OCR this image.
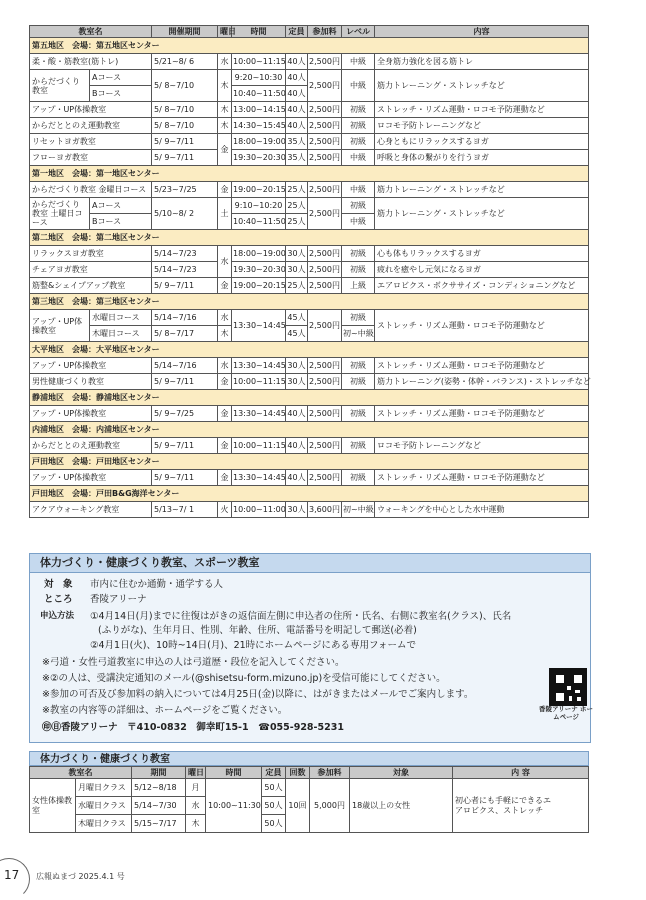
教室名		開催期間	曜日	時間	定員	参加料	レベル	内容
第五地区　会場：第五地区センター								
柔・酸・筋教室(筋トレ)		5/21~8/ 6	水	10:00~11:15	40人	2,500円	中級	全身筋力強化を図る筋トレ
からだづくり教室	Aコース	5/ 8~7/10	木	9:20~10:30	40人	2,500円	中級	筋力トレーニング・ストレッチなど
	Bコース			10:40~11:50	40人			
アップ・UP体操教室		5/ 8~7/10	木	13:00~14:15	40人	2,500円	初級	ストレッチ・リズム運動・ロコモ予防運動など
からだととのえ運動教室		5/ 8~7/10	木	14:30~15:45	40人	2,500円	初級	ロコモ予防トレーニングなど
リセットヨガ教室		5/ 9~7/11	金	18:00~19:00	35人	2,500円	初級	心身ともにリラックスするヨガ
フローヨガ教室		5/ 9~7/11		19:30~20:30	35人	2,500円	中級	呼吸と身体の繋がりを行うヨガ
第一地区　会場：第一地区センター								
からだづくり教室 金曜日コース		5/23~7/25	金	19:00~20:15	25人	2,500円	中級	筋力トレーニング・ストレッチなど
からだづくり教室 土曜日コース	Aコース	5/10~8/ 2	土	9:10~10:20	25人	2,500円	初級	筋力トレーニング・ストレッチなど
	Bコース			10:40~11:50	25人		中級	
第二地区　会場：第二地区センター								
リラックスヨガ教室		5/14~7/23	水	18:00~19:00	30人	2,500円	初級	心も体もリラックスするヨガ
チェアヨガ教室		5/14~7/23		19:30~20:30	30人	2,500円	初級	疲れを癒やし元気になるヨガ
筋整&シェイプアップ教室		5/ 9~7/11	金	19:00~20:15	25人	2,500円	上級	エアロビクス・ボクササイズ・コンディショニングなど
第三地区　会場：第三地区センター								
アップ・UP体操教室	水曜日コース	5/14~7/16	水	13:30~14:45	45人	2,500円	初級	ストレッチ・リズム運動・ロコモ予防運動など
	木曜日コース	5/ 8~7/17	木		45人		初~中級	
大平地区　会場：大平地区センター								
アップ・UP体操教室		5/14~7/16	水	13:30~14:45	30人	2,500円	初級	ストレッチ・リズム運動・ロコモ予防運動など
男性健康づくり教室		5/ 9~7/11	金	10:00~11:15	30人	2,500円	初級	筋力トレーニング(姿勢・体幹・バランス)・ストレッチなど
静浦地区　会場：静浦地区センター								
アップ・UP体操教室		5/ 9~7/25	金	13:30~14:45	40人	2,500円	初級	ストレッチ・リズム運動・ロコモ予防運動など
内浦地区　会場：内浦地区センター								
からだととのえ運動教室		5/ 9~7/11	金	10:00~11:15	40人	2,500円	初級	ロコモ予防トレーニングなど
戸田地区　会場：戸田地区センター								
アップ・UP体操教室		5/ 9~7/11	金	13:30~14:45	40人	2,500円	初級	ストレッチ・リズム運動・ロコモ予防運動など
戸田地区　会場：戸田B&G海洋センター								
アクアウォーキング教室		5/13~7/ 1	火	10:00~11:00	30人	3,600円	初~中級	ウォーキングを中心とした水中運動
体力づくり・健康づくり教室、スポーツ教室
対　象 市内に住むか通勤・通学する人
ところ 香陵アリーナ
申込方法 ①4月14日(月)までに往復はがきの返信面左側に申込者の住所・氏名、右側に教室名(クラス)、氏名
(ふりがな)、生年月日、性別、年齢、住所、電話番号を明記して郵送(必着)
②4月1日(火)、10時~14日(月)、21時にホームページにある専用フォームで
※弓道・女性弓道教室に申込の人は弓道歴・段位を記入してください。
※②の人は、受講決定通知のメール(@shisetsu-form.mizuno.jp)を受信可能にしてください。
※参加の可否及び参加料の納入については4月25日(金)以降に、はがきまたはメールでご案内します。
※教室の内容等の詳細は、ホームページをご覧ください。
㊞㊐香陵アリーナ　〒410-0832　御幸町15-1　☎055-928-5231
香陵アリーナ ホームページ
体力づくり・健康づくり教室
教室名		期間	曜日	時間	定員	回数	参加料	対象	内 容
女性体操教室	月曜日クラス	5/12~8/18	月	10:00~11:30	50人	10回	5,000円	18歳以上の女性	初心者にも手軽にできるエ
アロビクス、ストレッチ

	水曜日クラス	5/14~7/30	水		50人				
	木曜日クラス	5/15~7/17	木		50人				
17 広報ぬまづ 2025.4.1 号
